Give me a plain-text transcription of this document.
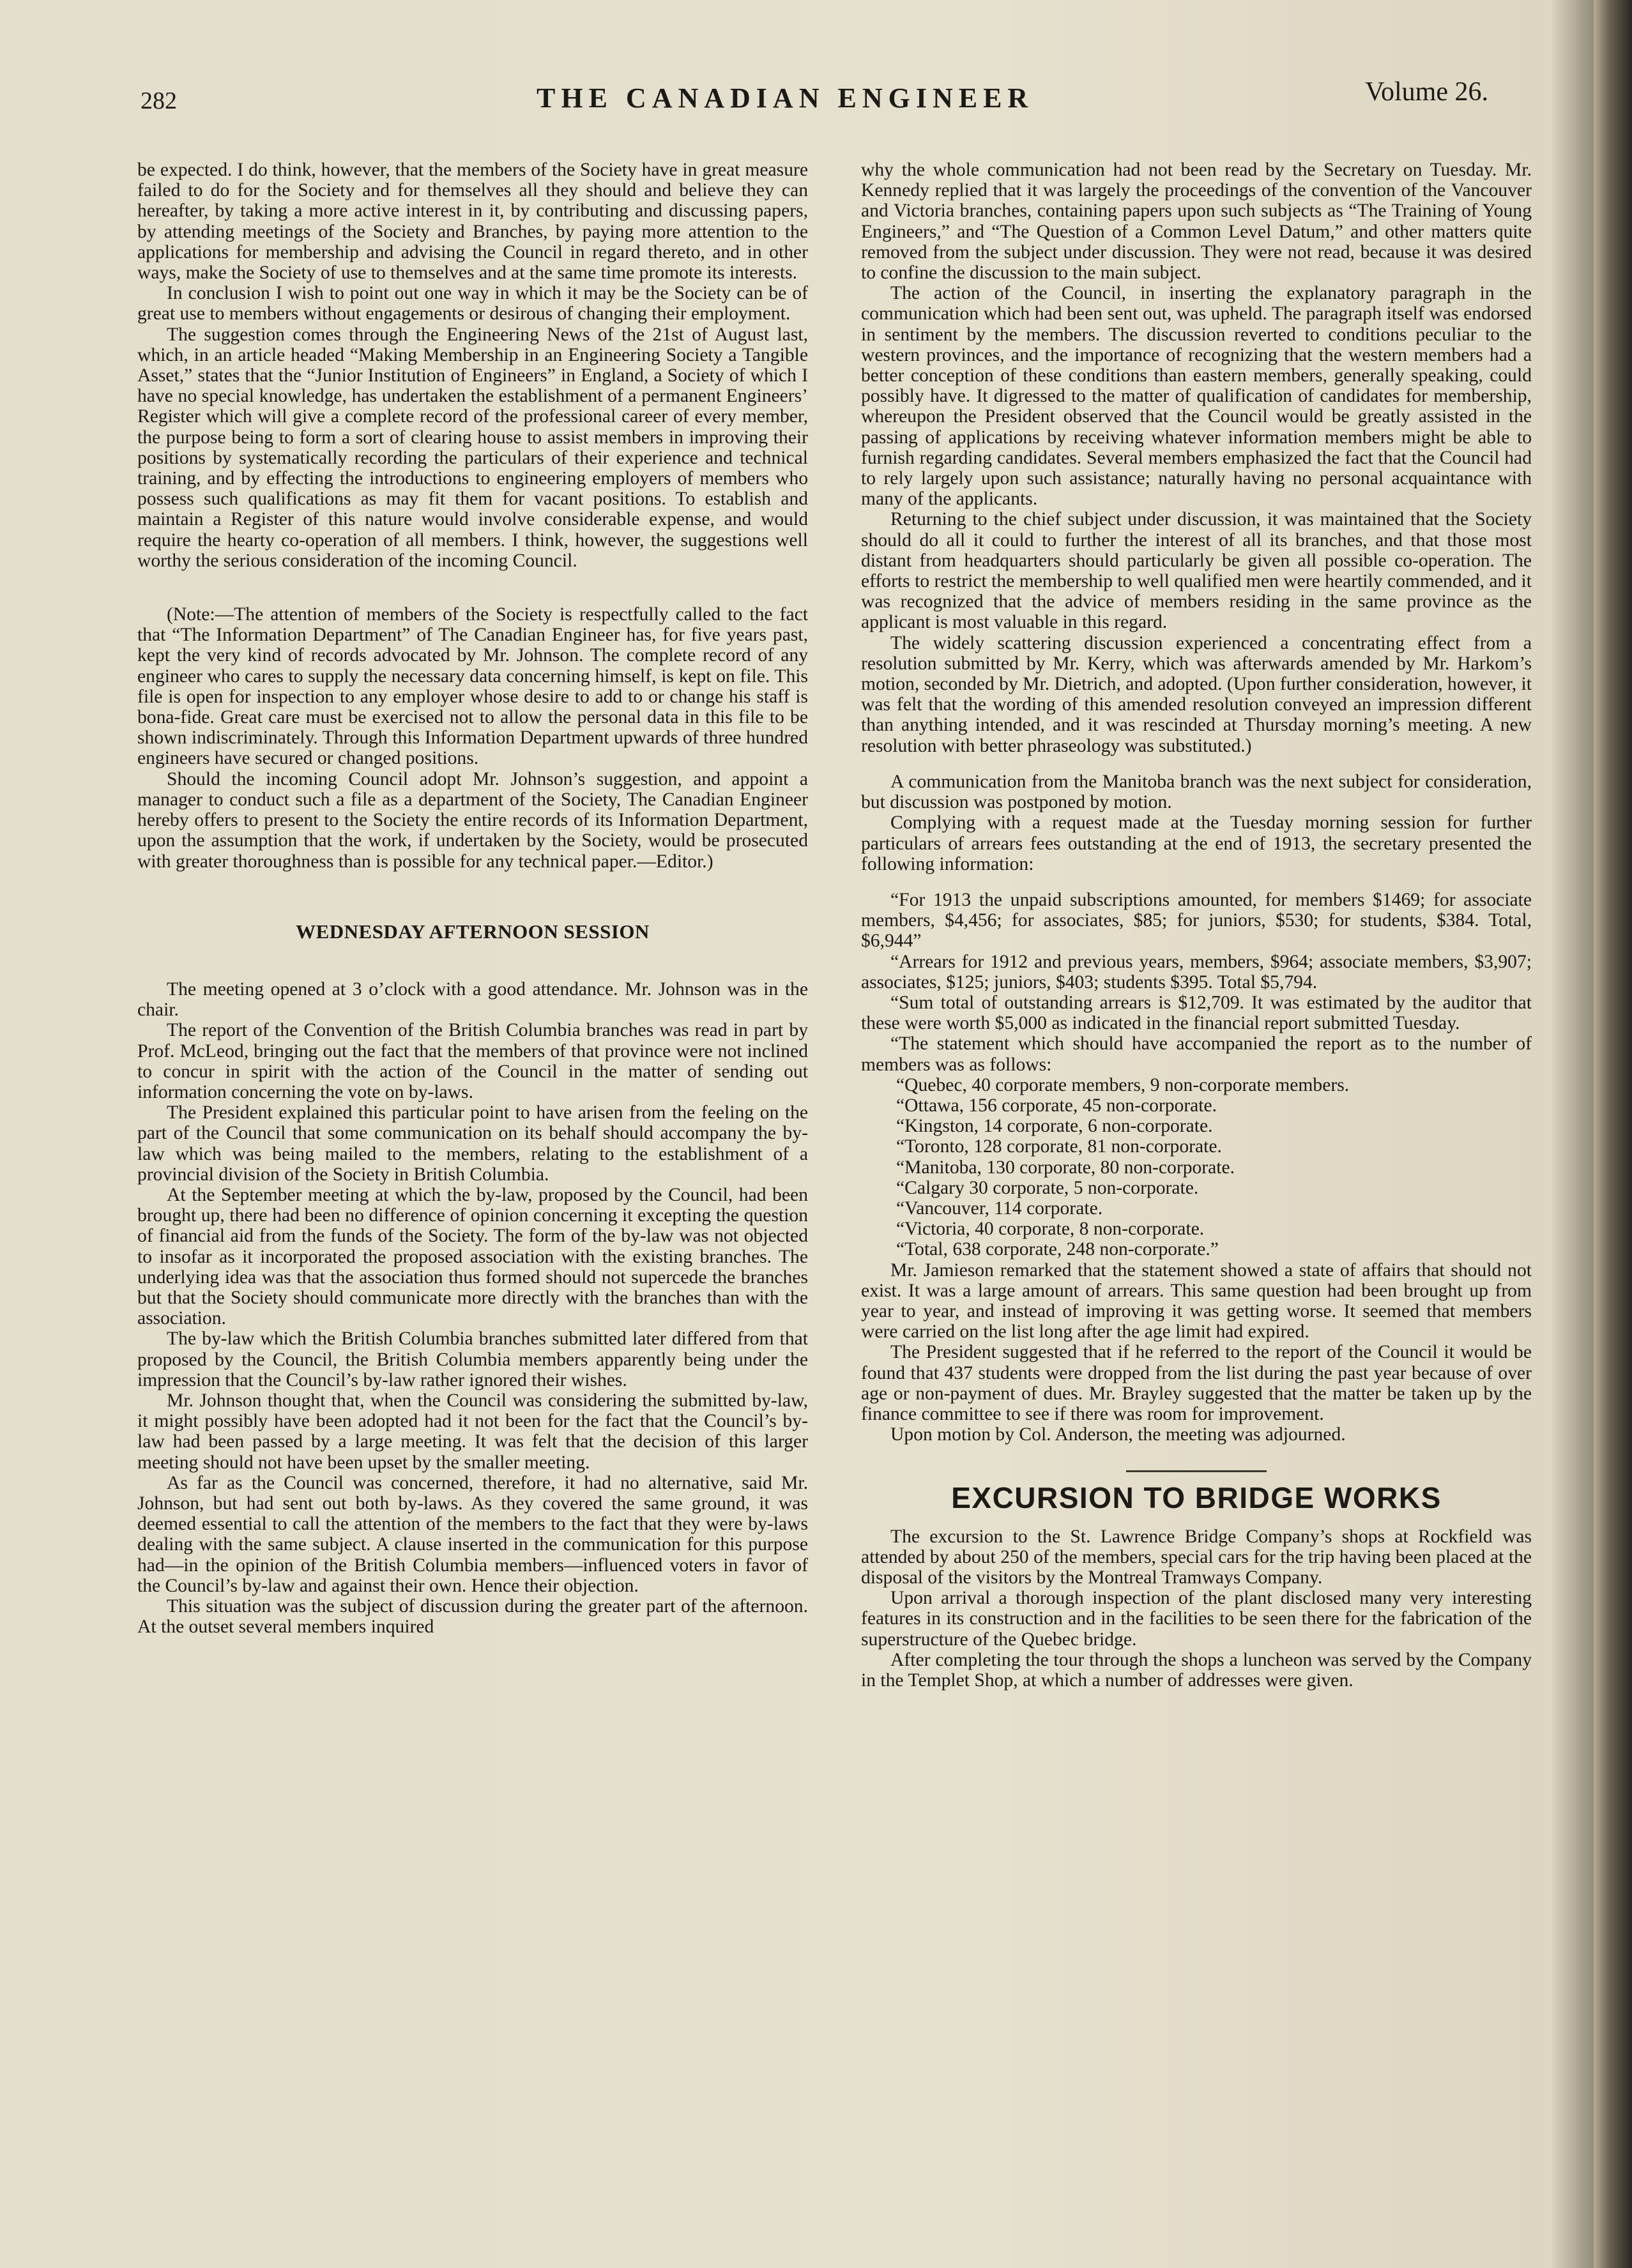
282	THE CANADIAN ENGINEER	Volume 26.

be expected. I do think, however, that the members of the Society have in great measure failed to do for the Society and for themselves all they should and believe they can hereafter, by taking a more active interest in it, by contributing and discussing papers, by attending meetings of the Society and Branches, by paying more attention to the applications for membership and advising the Council in regard thereto, and in other ways, make the Society of use to themselves and at the same time promote its interests.

In conclusion I wish to point out one way in which it may be the Society can be of great use to members without engagements or desirous of changing their employment.

The suggestion comes through the Engineering News of the 21st of August last, which, in an article headed “Making Membership in an Engineering Society a Tangible Asset,” states that the “Junior Institution of Engineers” in England, a Society of which I have no special knowledge, has undertaken the establishment of a permanent Engineers’ Register which will give a complete record of the professional career of every member, the purpose being to form a sort of clearing house to assist members in improving their positions by systematically recording the particulars of their experience and technical training, and by effecting the introductions to engineering employers of members who possess such qualifications as may fit them for vacant positions. To establish and maintain a Register of this nature would involve considerable expense, and would require the hearty co-operation of all members. I think, however, the suggestions well worthy the serious consideration of the incoming Council.

(Note:—The attention of members of the Society is respectfully called to the fact that “The Information Department” of The Canadian Engineer has, for five years past, kept the very kind of records advocated by Mr. Johnson. The complete record of any engineer who cares to supply the necessary data concerning himself, is kept on file. This file is open for inspection to any employer whose desire to add to or change his staff is bona-fide. Great care must be exercised not to allow the personal data in this file to be shown indiscriminately. Through this Information Department upwards of three hundred engineers have secured or changed positions.

Should the incoming Council adopt Mr. Johnson’s suggestion, and appoint a manager to conduct such a file as a department of the Society, The Canadian Engineer hereby offers to present to the Society the entire records of its Information Department, upon the assumption that the work, if undertaken by the Society, would be prosecuted with greater thoroughness than is possible for any technical paper.—Editor.)

WEDNESDAY AFTERNOON SESSION

The meeting opened at 3 o’clock with a good attendance. Mr. Johnson was in the chair.

The report of the Convention of the British Columbia branches was read in part by Prof. McLeod, bringing out the fact that the members of that province were not inclined to concur in spirit with the action of the Council in the matter of sending out information concerning the vote on by-laws.

The President explained this particular point to have arisen from the feeling on the part of the Council that some communication on its behalf should accompany the by-law which was being mailed to the members, relating to the establishment of a provincial division of the Society in British Columbia.

At the September meeting at which the by-law, proposed by the Council, had been brought up, there had been no difference of opinion concerning it excepting the question of financial aid from the funds of the Society. The form of the by-law was not objected to insofar as it incorporated the proposed association with the existing branches. The underlying idea was that the association thus formed should not supercede the branches but that the Society should communicate more directly with the branches than with the association.

The by-law which the British Columbia branches submitted later differed from that proposed by the Council, the British Columbia members apparently being under the impression that the Council’s by-law rather ignored their wishes.

Mr. Johnson thought that, when the Council was considering the submitted by-law, it might possibly have been adopted had it not been for the fact that the Council’s by-law had been passed by a large meeting. It was felt that the decision of this larger meeting should not have been upset by the smaller meeting.

As far as the Council was concerned, therefore, it had no alternative, said Mr. Johnson, but had sent out both by-laws. As they covered the same ground, it was deemed essential to call the attention of the members to the fact that they were by-laws dealing with the same subject. A clause inserted in the communication for this purpose had—in the opinion of the British Columbia members—influenced voters in favor of the Council’s by-law and against their own. Hence their objection.

This situation was the subject of discussion during the greater part of the afternoon. At the outset several members inquired

why the whole communication had not been read by the Secretary on Tuesday. Mr. Kennedy replied that it was largely the proceedings of the convention of the Vancouver and Victoria branches, containing papers upon such subjects as “The Training of Young Engineers,” and “The Question of a Common Level Datum,” and other matters quite removed from the subject under discussion. They were not read, because it was desired to confine the discussion to the main subject.

The action of the Council, in inserting the explanatory paragraph in the communication which had been sent out, was upheld. The paragraph itself was endorsed in sentiment by the members. The discussion reverted to conditions peculiar to the western provinces, and the importance of recognizing that the western members had a better conception of these conditions than eastern members, generally speaking, could possibly have. It digressed to the matter of qualification of candidates for membership, whereupon the President observed that the Council would be greatly assisted in the passing of applications by receiving whatever information members might be able to furnish regarding candidates. Several members emphasized the fact that the Council had to rely largely upon such assistance; naturally having no personal acquaintance with many of the applicants.

Returning to the chief subject under discussion, it was maintained that the Society should do all it could to further the interest of all its branches, and that those most distant from headquarters should particularly be given all possible co-operation. The efforts to restrict the membership to well qualified men were heartily commended, and it was recognized that the advice of members residing in the same province as the applicant is most valuable in this regard.

The widely scattering discussion experienced a concentrating effect from a resolution submitted by Mr. Kerry, which was afterwards amended by Mr. Harkom’s motion, seconded by Mr. Dietrich, and adopted. (Upon further consideration, however, it was felt that the wording of this amended resolution conveyed an impression different than anything intended, and it was rescinded at Thursday morning’s meeting. A new resolution with better phraseology was substituted.)

A communication from the Manitoba branch was the next subject for consideration, but discussion was postponed by motion.

Complying with a request made at the Tuesday morning session for further particulars of arrears fees outstanding at the end of 1913, the secretary presented the following information:

“For 1913 the unpaid subscriptions amounted, for members $1469; for associate members, $4,456; for associates, $85; for juniors, $530; for students, $384. Total, $6,944”

“Arrears for 1912 and previous years, members, $964; associate members, $3,907; associates, $125; juniors, $403; students $395. Total $5,794.

“Sum total of outstanding arrears is $12,709. It was estimated by the auditor that these were worth $5,000 as indicated in the financial report submitted Tuesday.

“The statement which should have accompanied the report as to the number of members was as follows:

“Quebec, 40 corporate members, 9 non-corporate members.

“Ottawa, 156 corporate, 45 non-corporate.

“Kingston, 14 corporate, 6 non-corporate.

“Toronto, 128 corporate, 81 non-corporate.

“Manitoba, 130 corporate, 80 non-corporate.

“Calgary 30 corporate, 5 non-corporate.

“Vancouver, 114 corporate.

“Victoria, 40 corporate, 8 non-corporate.

“Total, 638 corporate, 248 non-corporate.”

Mr. Jamieson remarked that the statement showed a state of affairs that should not exist. It was a large amount of arrears. This same question had been brought up from year to year, and instead of improving it was getting worse. It seemed that members were carried on the list long after the age limit had expired.

The President suggested that if he referred to the report of the Council it would be found that 437 students were dropped from the list during the past year because of over age or non-payment of dues. Mr. Brayley suggested that the matter be taken up by the finance committee to see if there was room for improvement.

Upon motion by Col. Anderson, the meeting was adjourned.

EXCURSION TO BRIDGE WORKS

The excursion to the St. Lawrence Bridge Company’s shops at Rockfield was attended by about 250 of the members, special cars for the trip having been placed at the disposal of the visitors by the Montreal Tramways Company.

Upon arrival a thorough inspection of the plant disclosed many very interesting features in its construction and in the facilities to be seen there for the fabrication of the superstructure of the Quebec bridge.

After completing the tour through the shops a luncheon was served by the Company in the Templet Shop, at which a number of addresses were given.
